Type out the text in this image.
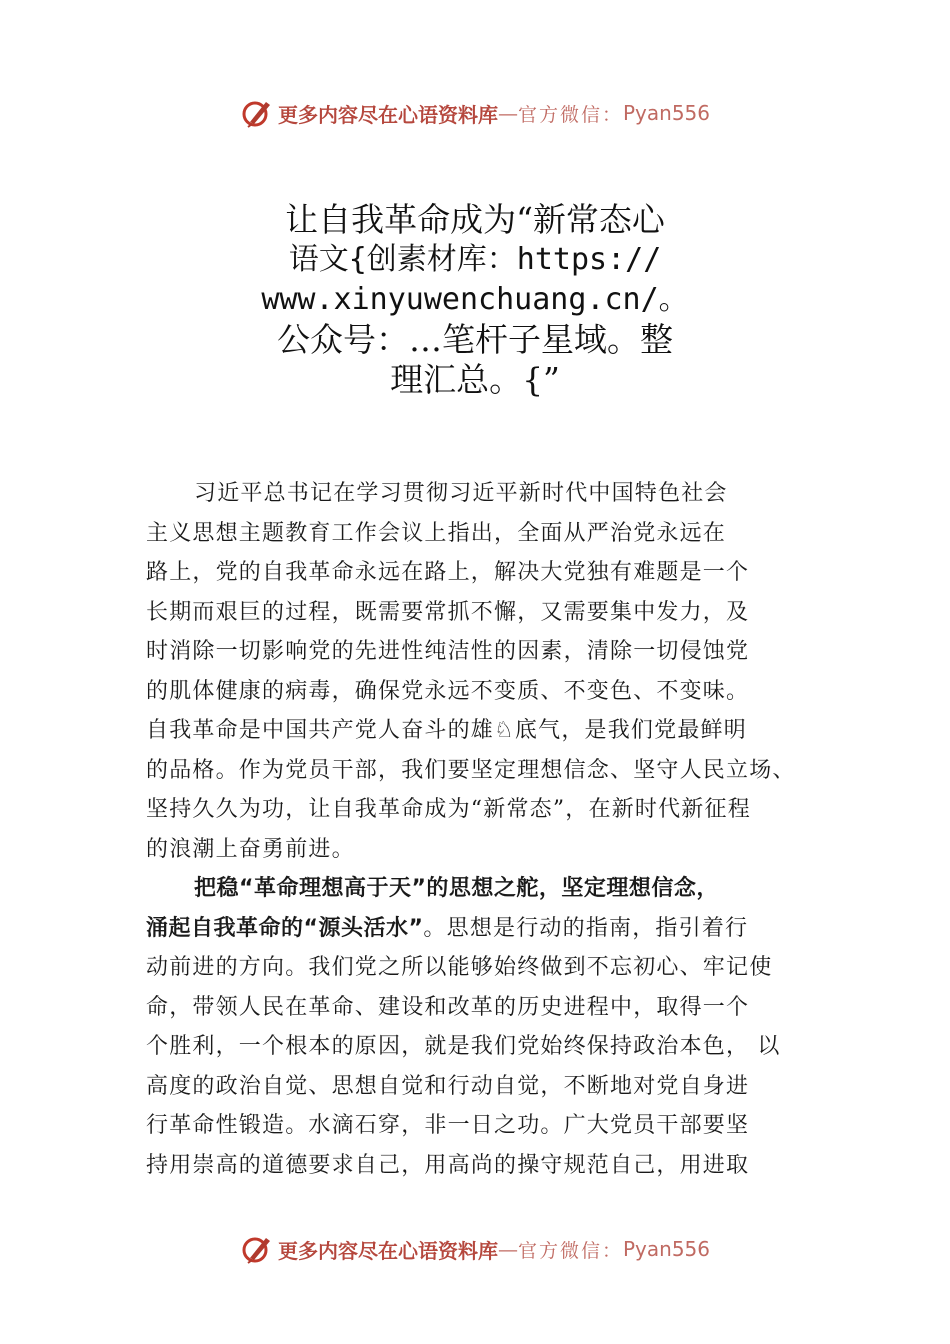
更多内容尽在心语资料库 — 官方微信： Pyan556
让自我革命成为“新常态心
语文{创素材库：https://
www.xinyuwenchuang.cn/。
公众号：…笔杆子星域。整
理汇总。{”

习近平总书记在学习贯彻习近平新时代中国特色社会
主义思想主题教育工作会议上指出，全面从严治党永远在
路上，党的自我革命永远在路上，解决大党独有难题是一个
长期而艰巨的过程，既需要常抓不懈，又需要集中发力，及
时消除一切影响党的先进性纯洁性的因素，清除一切侵蚀党
的肌体健康的病毒，确保党永远不变质、不变色、不变味。
自我革命是中国共产党人奋斗的雄♘底气，是我们党最鲜明
的品格。作为党员干部，我们要坚定理想信念、坚守人民立场、
坚持久久为功，让自我革命成为“新常态”，在新时代新征程
的浪潮上奋勇前进。

把稳“革命理想高于天”的思想之舵，坚定理想信念，
涌起自我革命的“源头活水”。思想是行动的指南，指引着行
动前进的方向。我们党之所以能够始终做到不忘初心、牢记使
命，带领人民在革命、建设和改革的历史进程中，取得一个
个胜利，一个根本的原因，就是我们党始终保持政治本色， 以
高度的政治自觉、思想自觉和行动自觉，不断地对党自身进
行革命性锻造。水滴石穿，非一日之功。广大党员干部要坚
持用崇高的道德要求自己，用高尚的操守规范自己，用进取

更多内容尽在心语资料库 — 官方微信： Pyan556
